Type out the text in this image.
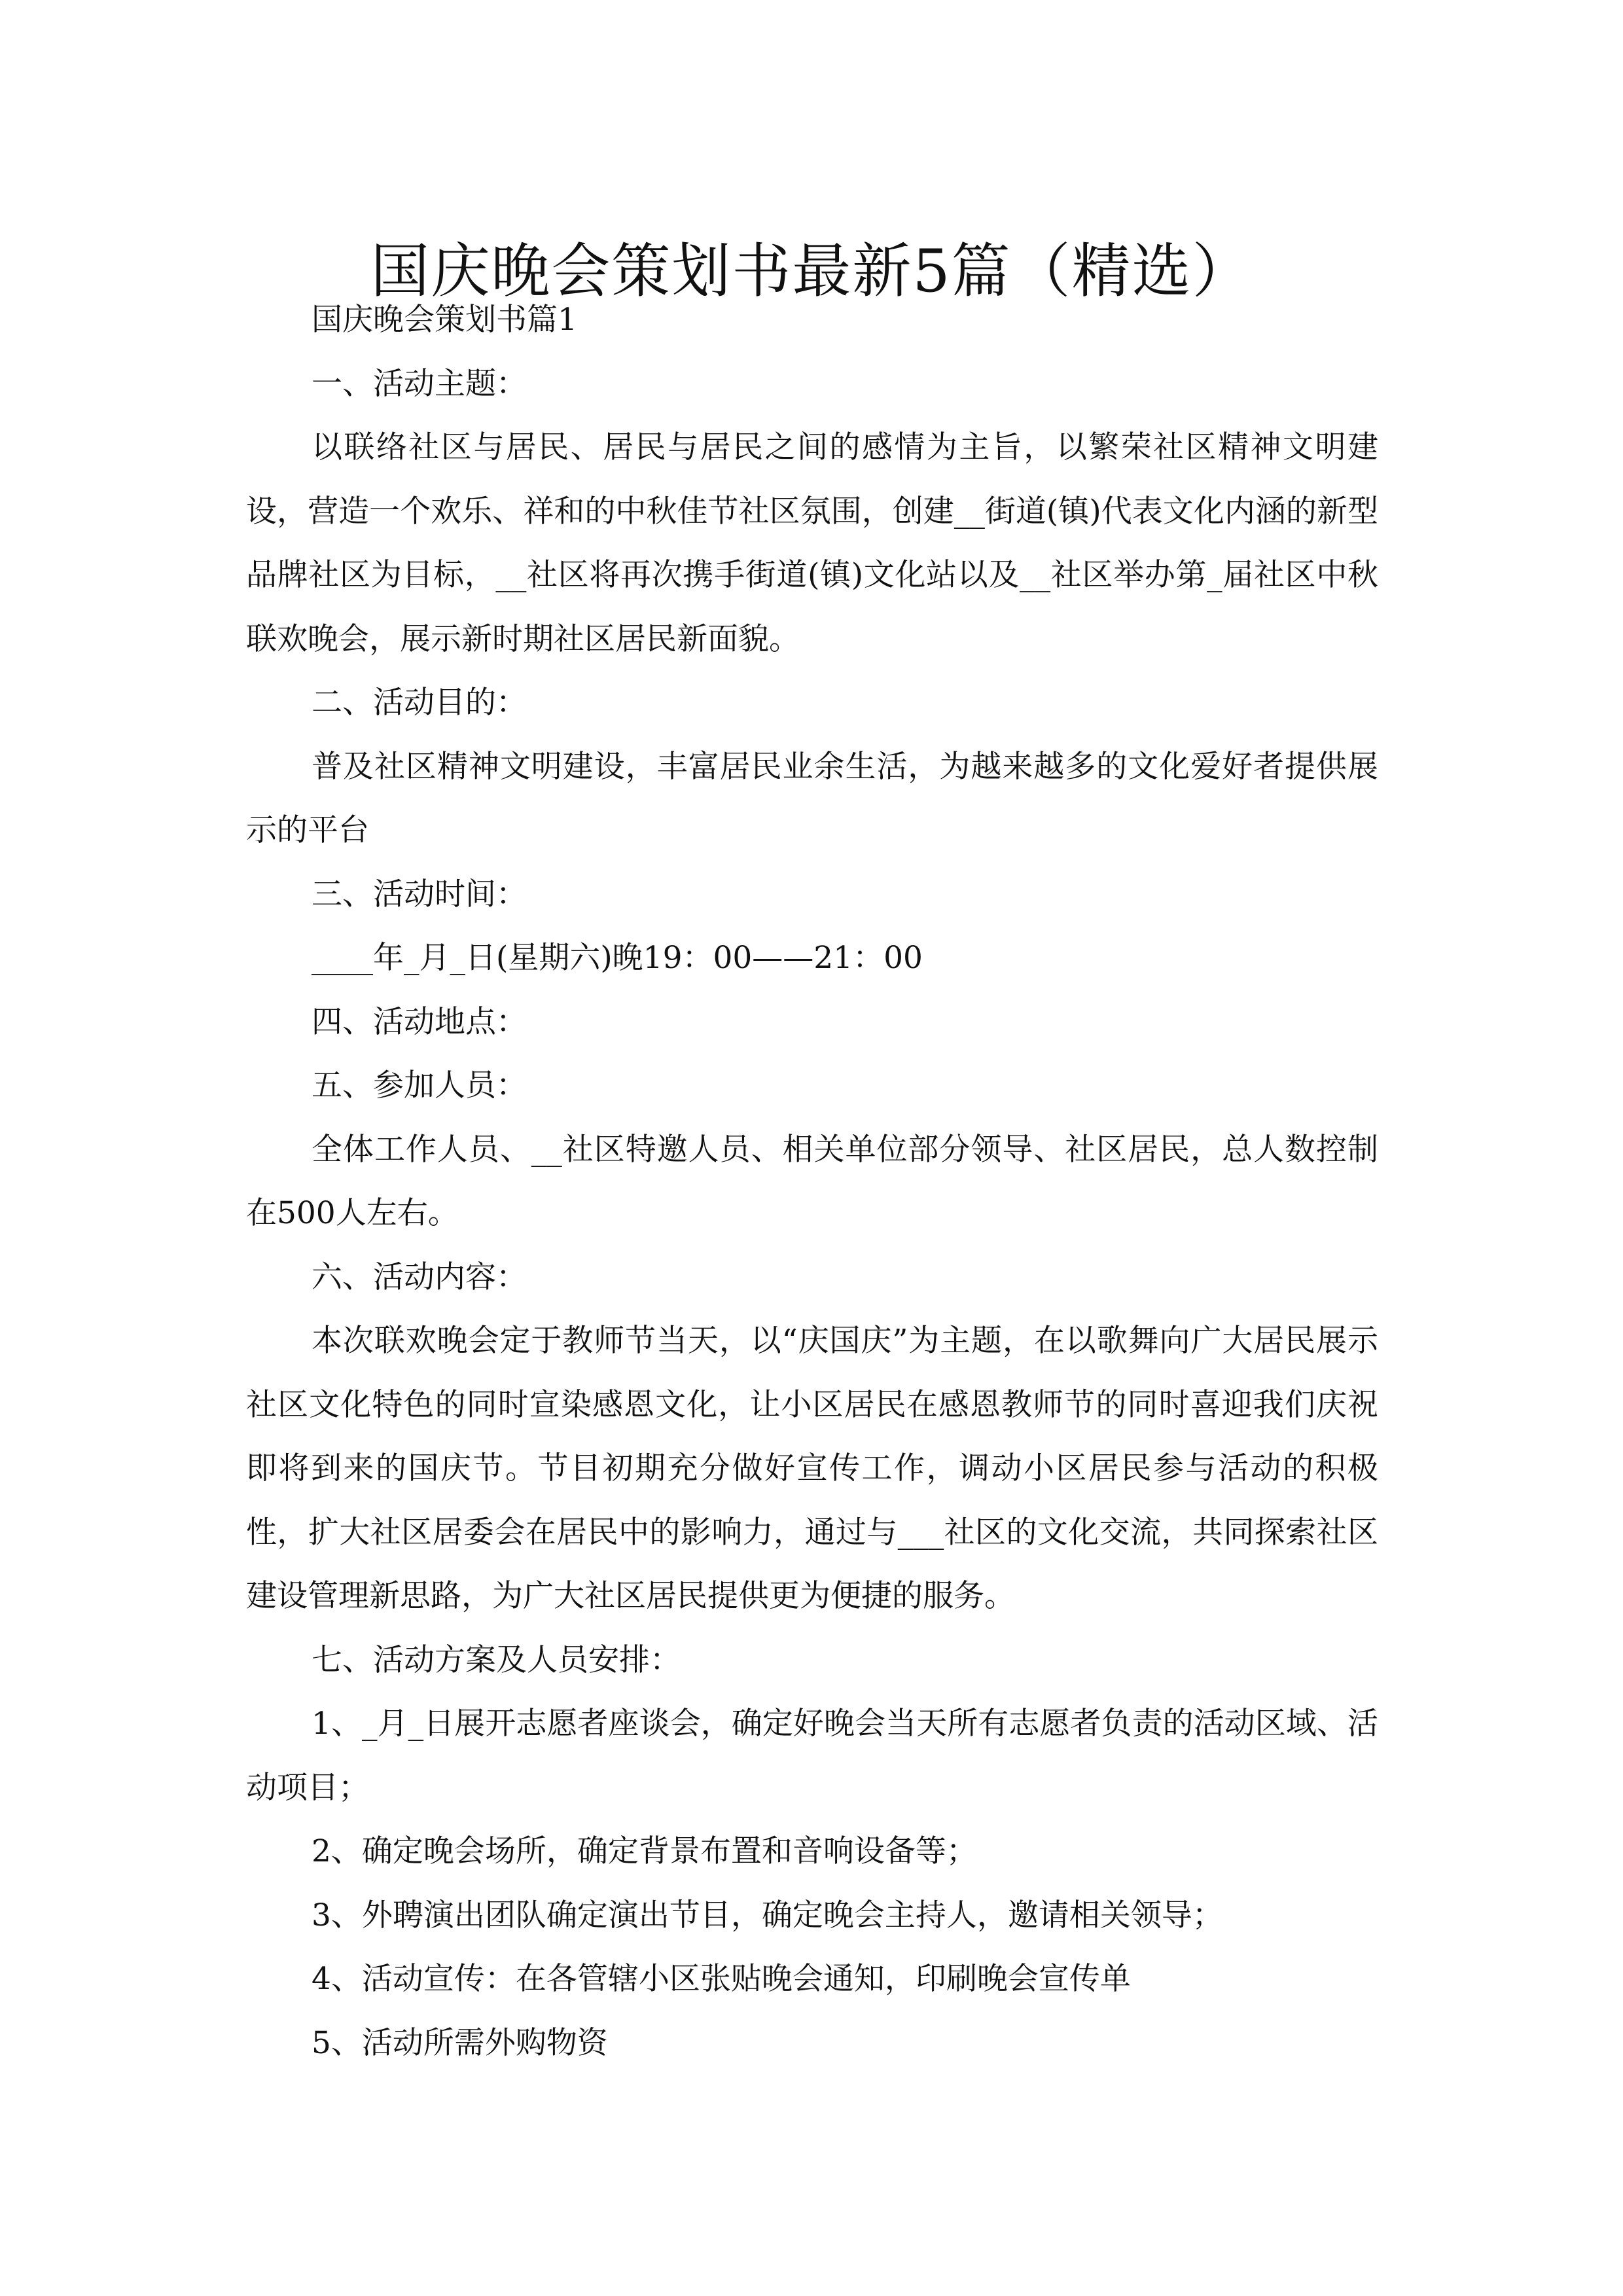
国庆晚会策划书最新5篇（精选）

国庆晚会策划书篇1

一、活动主题：

以联络社区与居民、居民与居民之间的感情为主旨，以繁荣社区精神文明建设，营造一个欢乐、祥和的中秋佳节社区氛围，创建__街道(镇)代表文化内涵的新型品牌社区为目标，__社区将再次携手街道(镇)文化站以及__社区举办第_届社区中秋联欢晚会，展示新时期社区居民新面貌。

二、活动目的：

普及社区精神文明建设，丰富居民业余生活，为越来越多的文化爱好者提供展示的平台

三、活动时间：

____年_月_日(星期六)晚19：00——21：00

四、活动地点：

五、参加人员：

全体工作人员、__社区特邀人员、相关单位部分领导、社区居民，总人数控制在500人左右。

六、活动内容：

本次联欢晚会定于教师节当天，以“庆国庆”为主题，在以歌舞向广大居民展示社区文化特色的同时宣染感恩文化，让小区居民在感恩教师节的同时喜迎我们庆祝即将到来的国庆节。节目初期充分做好宣传工作，调动小区居民参与活动的积极性，扩大社区居委会在居民中的影响力，通过与___社区的文化交流，共同探索社区建设管理新思路，为广大社区居民提供更为便捷的服务。

七、活动方案及人员安排：

1、_月_日展开志愿者座谈会，确定好晚会当天所有志愿者负责的活动区域、活动项目；

2、确定晚会场所，确定背景布置和音响设备等；

3、外聘演出团队确定演出节目，确定晚会主持人，邀请相关领导；

4、活动宣传：在各管辖小区张贴晚会通知，印刷晚会宣传单

5、活动所需外购物资
